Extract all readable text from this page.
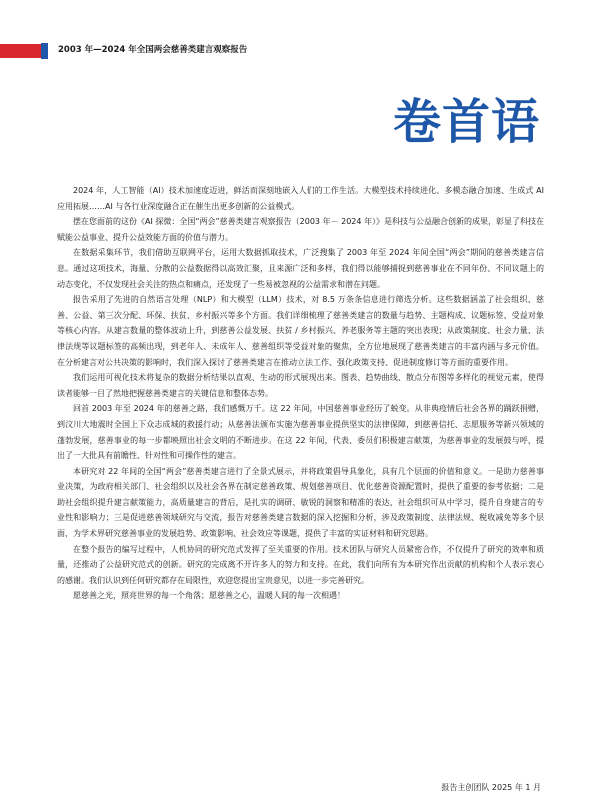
2003 年—2024 年全国两会慈善类建言观察报告
卷首语

2024 年，人工智能（AI）技术加速度迈进，鲜活而深刻地嵌入人们的工作生活。大模型技术持续进化、多模态融合加速、生成式 AI 应用拓展……AI 与各行业深度融合正在催生出更多创新的公益模式。

摆在您面前的这份《AI 探微：全国“两会”慈善类建言观察报告（2003 年－ 2024 年）》是科技与公益融合创新的成果，彰显了科技在赋能公益事业、提升公益效能方面的价值与潜力。

在数据采集环节，我们借助互联网平台，运用大数据抓取技术，广泛搜集了 2003 年至 2024 年间全国“两会”期间的慈善类建言信息。通过这项技术，海量、分散的公益数据得以高效汇聚，且来源广泛和多样，我们得以能够捕捉到慈善事业在不同年份、不同议题上的动态变化，不仅发现社会关注的热点和痛点，还发现了一些易被忽视的公益需求和潜在问题。

报告采用了先进的自然语言处理（NLP）和大模型（LLM）技术，对 8.5 万条条信息进行筛选分析。这些数据涵盖了社会组织、慈善、公益、第三次分配、环保、扶贫、乡村振兴等多个方面。我们详细梳理了慈善类建言的数量与趋势、主题构成、议题标签、受益对象等核心内容。从建言数量的整体波动上升，到慈善公益发展、扶贫 / 乡村振兴、养老服务等主题的突出表现；从政策制度、社会力量、法律法规等议题标签的高频出现，到老年人、未成年人、慈善组织等受益对象的聚焦，全方位地展现了慈善类建言的丰富内涵与多元价值。在分析建言对公共决策的影响时，我们深入探讨了慈善类建言在推动立法工作、强化政策支持、促进制度修订等方面的重要作用。

我们运用可视化技术将复杂的数据分析结果以直观、生动的形式展现出来。图表、趋势曲线、散点分布图等多样化的视觉元素，使得读者能够一目了然地把握慈善类建言的关键信息和整体态势。

回首 2003 年至 2024 年的慈善之路，我们感慨万千。这 22 年间，中国慈善事业经历了蜕变。从非典疫情后社会各界的踊跃捐赠，到汶川大地震时全国上下众志成城的救援行动；从慈善法颁布实施为慈善事业提供坚实的法律保障，到慈善信托、志愿服务等新兴领域的蓬勃发展，慈善事业的每一步都映照出社会文明的不断进步。在这 22 年间，代表、委员们积极建言献策，为慈善事业的发展鼓与呼，提出了一大批具有前瞻性、针对性和可操作性的建言。

本研究对 22 年间的全国“两会”慈善类建言进行了全景式展示，并将政策倡导具象化，具有几个层面的价值和意义。一是助力慈善事业决策，为政府相关部门、社会组织以及社会各界在制定慈善政策、规划慈善项目、优化慈善资源配置时，提供了重要的参考依据；二是助社会组织提升建言献策能力，高质量建言的背后，是扎实的调研、敏锐的洞察和精准的表达，社会组织可从中学习，提升自身建言的专业性和影响力；三是促进慈善领域研究与交流，报告对慈善类建言数据的深入挖掘和分析，涉及政策制度、法律法规、税收减免等多个层面，为学术界研究慈善事业的发展趋势、政策影响、社会效应等课题，提供了丰富的实证材料和研究思路。

在整个报告的编写过程中，人机协同的研究范式发挥了至关重要的作用。技术团队与研究人员紧密合作，不仅提升了研究的效率和质量，还推动了公益研究范式的创新。研究的完成离不开许多人的努力和支持。在此，我们向所有为本研究作出贡献的机构和个人表示衷心的感谢。我们认识到任何研究都存在局限性，欢迎您提出宝贵意见，以进一步完善研究。

愿慈善之光，照亮世界的每一个角落；愿慈善之心，温暖人间的每一次相遇！

报告主创团队 2025 年 1 月
